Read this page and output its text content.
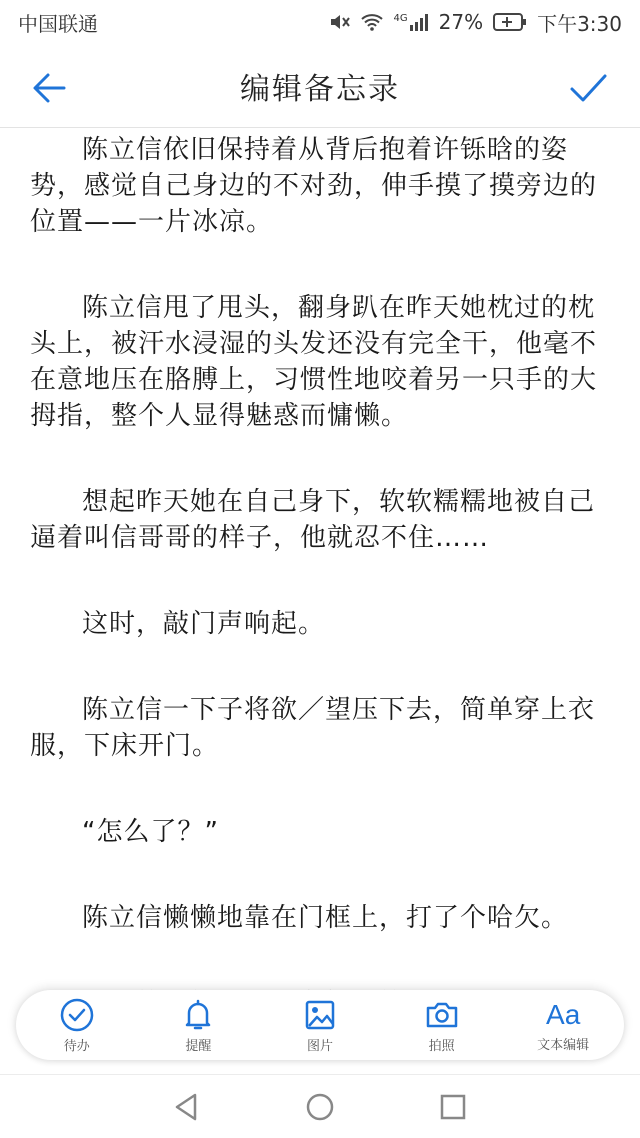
中国联通	4G 27%	下午3:30
编辑备忘录

陈立信依旧保持着从背后抱着许铄晗的姿势，感觉自己身边的不对劲，伸手摸了摸旁边的位置——一片冰凉。

陈立信甩了甩头，翻身趴在昨天她枕过的枕头上，被汗水浸湿的头发还没有完全干，他毫不在意地压在胳膊上，习惯性地咬着另一只手的大拇指，整个人显得魅惑而慵懒。

想起昨天她在自己身下，软软糯糯地被自己逼着叫信哥哥的样子，他就忍不住……

这时，敲门声响起。

陈立信一下子将欲／望压下去，简单穿上衣服，下床开门。

“怎么了？”

陈立信懒懒地靠在门框上，打了个哈欠。

待办	提醒	图片	拍照
Aa
文本编辑
